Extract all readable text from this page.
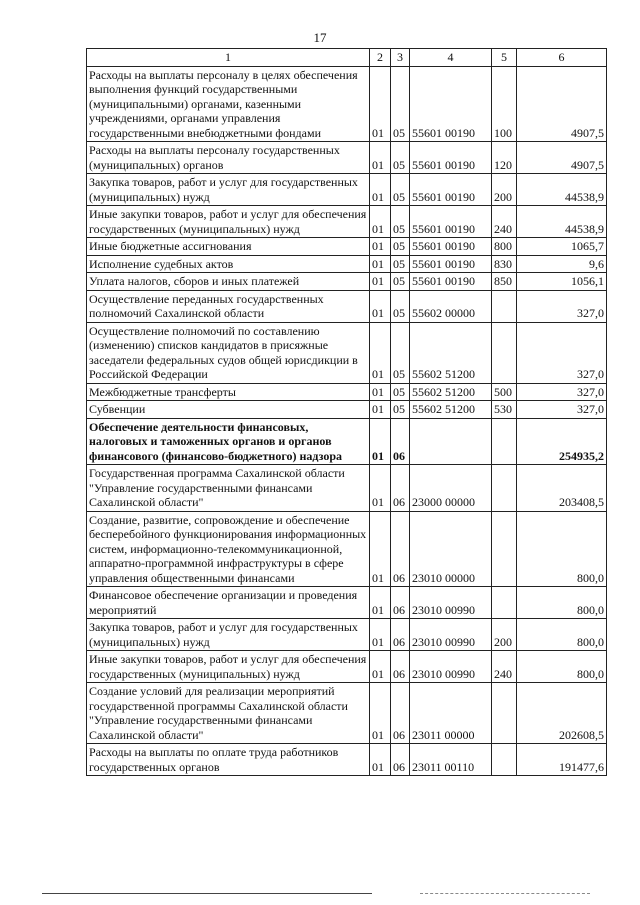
17
1	2	3	4	5	6
Расходы на выплаты персоналу в целях обеспечения выполнения функций государственными (муниципальными) органами, казенными учреждениями, органами управления государственными внебюджетными фондами	01	05	55601 00190	100	4907,5
Расходы на выплаты персоналу государственных (муниципальных) органов	01	05	55601 00190	120	4907,5
Закупка товаров, работ и услуг для государственных (муниципальных) нужд	01	05	55601 00190	200	44538,9
Иные закупки товаров, работ и услуг для обеспечения государственных (муниципальных) нужд	01	05	55601 00190	240	44538,9
Иные бюджетные ассигнования	01	05	55601 00190	800	1065,7
Исполнение судебных актов	01	05	55601 00190	830	9,6
Уплата налогов, сборов и иных платежей	01	05	55601 00190	850	1056,1
Осуществление переданных государственных полномочий Сахалинской области	01	05	55602 00000		327,0
Осуществление полномочий по составлению (изменению) списков кандидатов в присяжные заседатели федеральных судов общей юрисдикции в Российской Федерации	01	05	55602 51200		327,0
Межбюджетные трансферты	01	05	55602 51200	500	327,0
Субвенции	01	05	55602 51200	530	327,0
Обеспечение деятельности финансовых, налоговых и таможенных органов и органов финансового (финансово-бюджетного) надзора	01	06			254935,2
Государственная программа Сахалинской области "Управление государственными финансами Сахалинской области"	01	06	23000 00000		203408,5
Создание, развитие, сопровождение и обеспечение бесперебойного функционирования информационных систем, информационно-телекоммуникационной, аппаратно-программной инфраструктуры в сфере управления общественными финансами	01	06	23010 00000		800,0
Финансовое обеспечение организации и проведения мероприятий	01	06	23010 00990		800,0
Закупка товаров, работ и услуг для государственных (муниципальных) нужд	01	06	23010 00990	200	800,0
Иные закупки товаров, работ и услуг для обеспечения государственных (муниципальных) нужд	01	06	23010 00990	240	800,0
Создание условий для реализации мероприятий государственной программы Сахалинской области "Управление государственными финансами Сахалинской области"	01	06	23011 00000		202608,5
Расходы на выплаты по оплате труда работников государственных органов	01	06	23011 00110		191477,6
